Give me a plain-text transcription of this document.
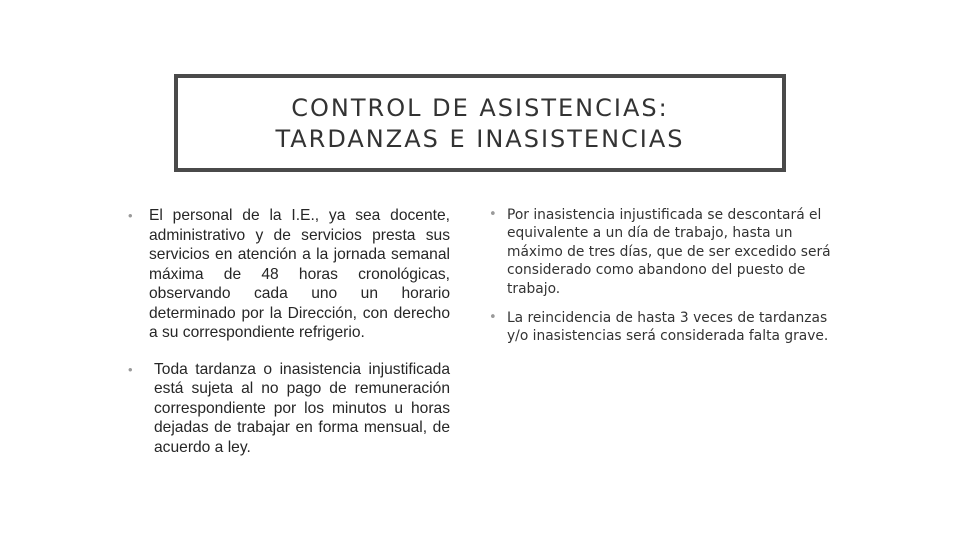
CONTROL DE ASISTENCIAS:
TARDANZAS E INASISTENCIAS
• El personal de la I.E., ya sea docente, administrativo y de servicios presta sus servicios en atención a la jornada semanal máxima de 48 horas cronológicas, observando cada uno un horario determinado por la Dirección, con derecho a su correspondiente refrigerio.
• Toda tardanza o inasistencia injustificada está sujeta al no pago de remuneración correspondiente por los minutos u horas dejadas de trabajar en forma mensual, de acuerdo a ley.
• Por inasistencia injustificada se descontará el equivalente a un día de trabajo, hasta un máximo de tres días, que de ser excedido será considerado como abandono del puesto de trabajo.
• La reincidencia de hasta 3 veces de tardanzas y/o inasistencias será considerada falta grave.
